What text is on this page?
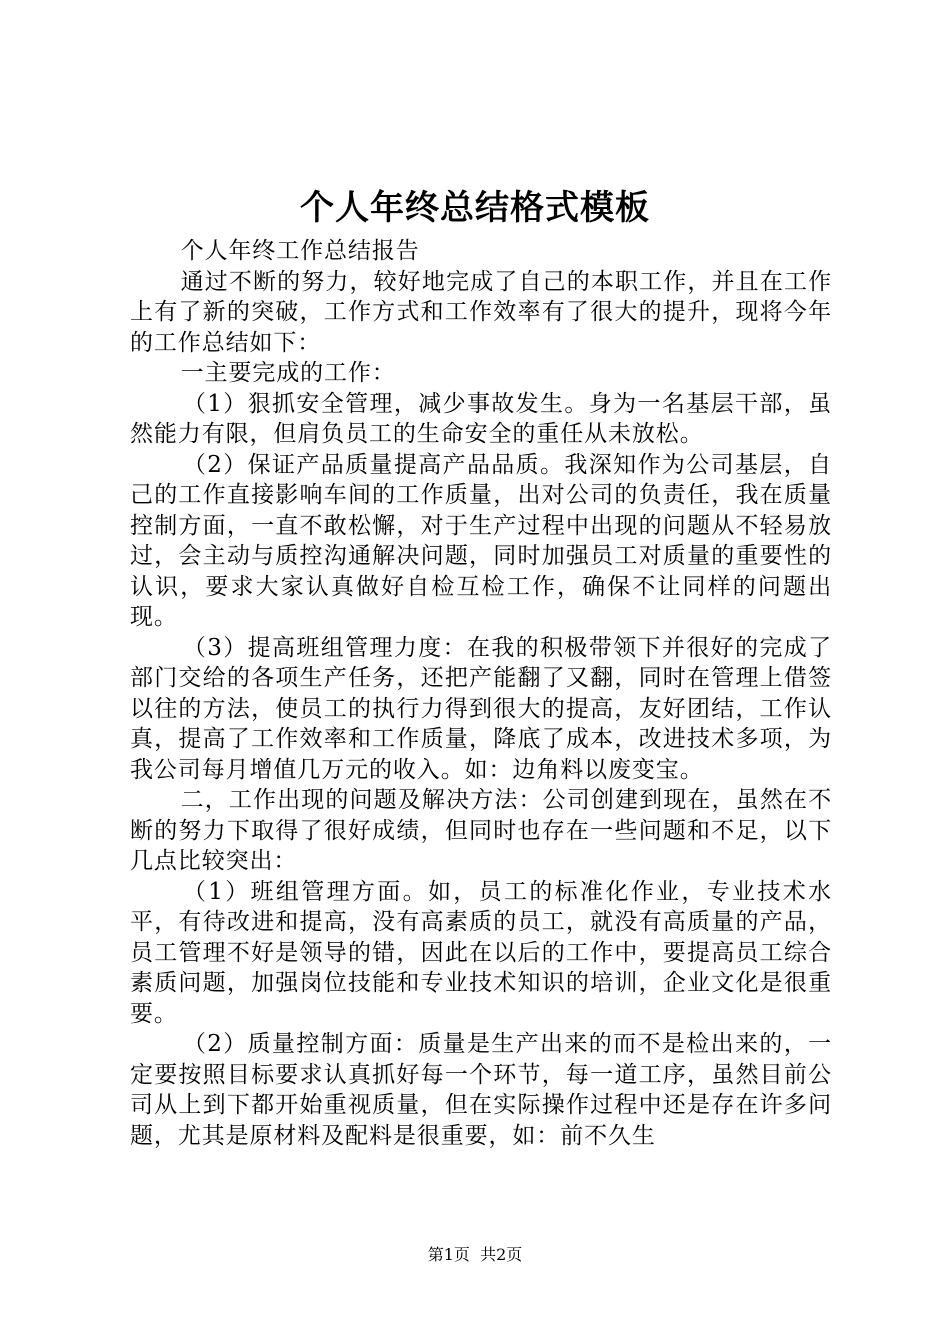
个人年终总结格式模板

个人年终工作总结报告

通过不断的努力，较好地完成了自己的本职工作，并且在工作上有了新的突破，工作方式和工作效率有了很大的提升，现将今年的工作总结如下：

一主要完成的工作：

（1）狠抓安全管理，减少事故发生。身为一名基层干部，虽然能力有限，但肩负员工的生命安全的重任从未放松。

（2）保证产品质量提高产品品质。我深知作为公司基层，自己的工作直接影响车间的工作质量，出对公司的负责任，我在质量控制方面，一直不敢松懈，对于生产过程中出现的问题从不轻易放过，会主动与质控沟通解决问题，同时加强员工对质量的重要性的认识，要求大家认真做好自检互检工作，确保不让同样的问题出现。

（3）提高班组管理力度：在我的积极带领下并很好的完成了部门交给的各项生产任务，还把产能翻了又翻，同时在管理上借签以往的方法，使员工的执行力得到很大的提高，友好团结，工作认真，提高了工作效率和工作质量，降底了成本，改进技术多项，为我公司每月增值几万元的收入。如：边角料以废变宝。

二，工作出现的问题及解决方法：公司创建到现在，虽然在不断的努力下取得了很好成绩，但同时也存在一些问题和不足，以下几点比较突出：

（1）班组管理方面。如，员工的标准化作业，专业技术水平，有待改进和提高，没有高素质的员工，就没有高质量的产品，员工管理不好是领导的错，因此在以后的工作中，要提高员工综合素质问题，加强岗位技能和专业技术知识的培训，企业文化是很重要。

（2）质量控制方面：质量是生产出来的而不是检出来的，一定要按照目标要求认真抓好每一个环节，每一道工序，虽然目前公司从上到下都开始重视质量，但在实际操作过程中还是存在许多问题，尤其是原材料及配料是很重要，如：前不久生

第1页 共2页
